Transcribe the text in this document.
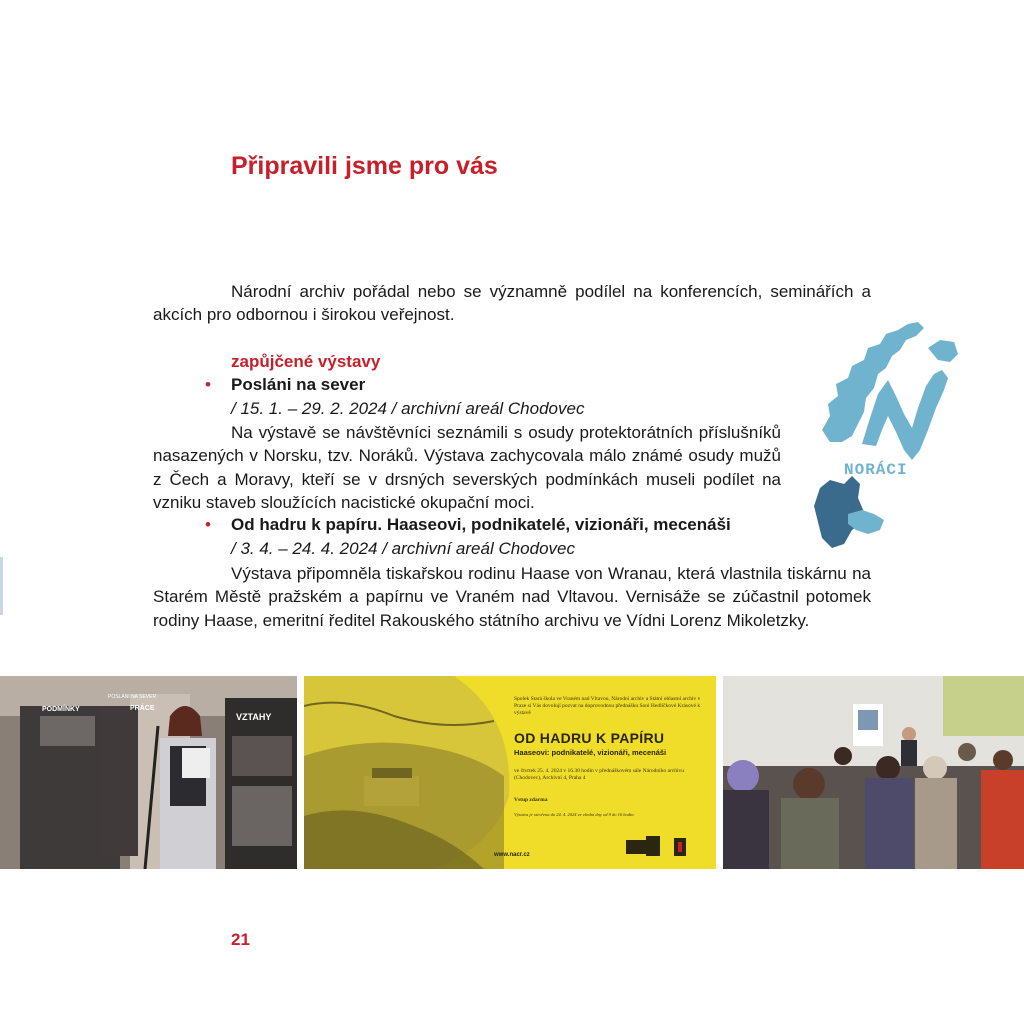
Připravili jsme pro vás

Národní archiv pořádal nebo se významně podílel na konferencích, seminářích a akcích pro odbornou i širokou veřejnost.

zapůjčené výstavy
• Posláni na sever
/ 15. 1. – 29. 2. 2024 / archivní areál Chodovec

Na výstavě se návštěvníci seznámili s osudy protektorátních příslušníků nasazených v Norsku, tzv. Noráků. Výstava zachycovala málo známé osudy mužů z Čech a Moravy, kteří se v drsných severských podmínkách museli podílet na vzniku staveb sloužících nacistické okupační moci.

• Od hadru k papíru. Haaseovi, podnikatelé, vizionáři, mecenáši
/ 3. 4. – 24. 4. 2024 / archivní areál Chodovec

Výstava připomněla tiskařskou rodinu Haase von Wranau, která vlastnila tiskárnu na Starém Městě pražském a papírnu ve Vraném nad Vltavou. Vernisáže se zúčastnil potomek rodiny Haase, emeritní ředitel Rakouského státního archivu ve Vídni Lorenz Mikoletzky.

NORÁCI
PODMÍNKY
POSLÁNI NA SEVER
PRÁCE
VZTAHY
Spolek Stará škola ve Vraném nad Vltavou, Národní archiv a Státní oblastní archiv v Praze si Vás dovolují pozvat na doprovodnou přednášku Soni Hedlíčkové Krásové k výstavě
OD HADRU K PAPÍRU
Haaseovi: podnikatelé, vizionáři, mecenáši
ve čtvrtek 25. 4. 2024 v 16.30 hodin v přednáškovém sále Národního archivu (Chodovec), Archivní 4, Praha 4
Vstup zdarma
Výstava je otevřena do 24. 4. 2024 ve všední dny od 9 do 16 hodin.
www.nacr.cz
21
